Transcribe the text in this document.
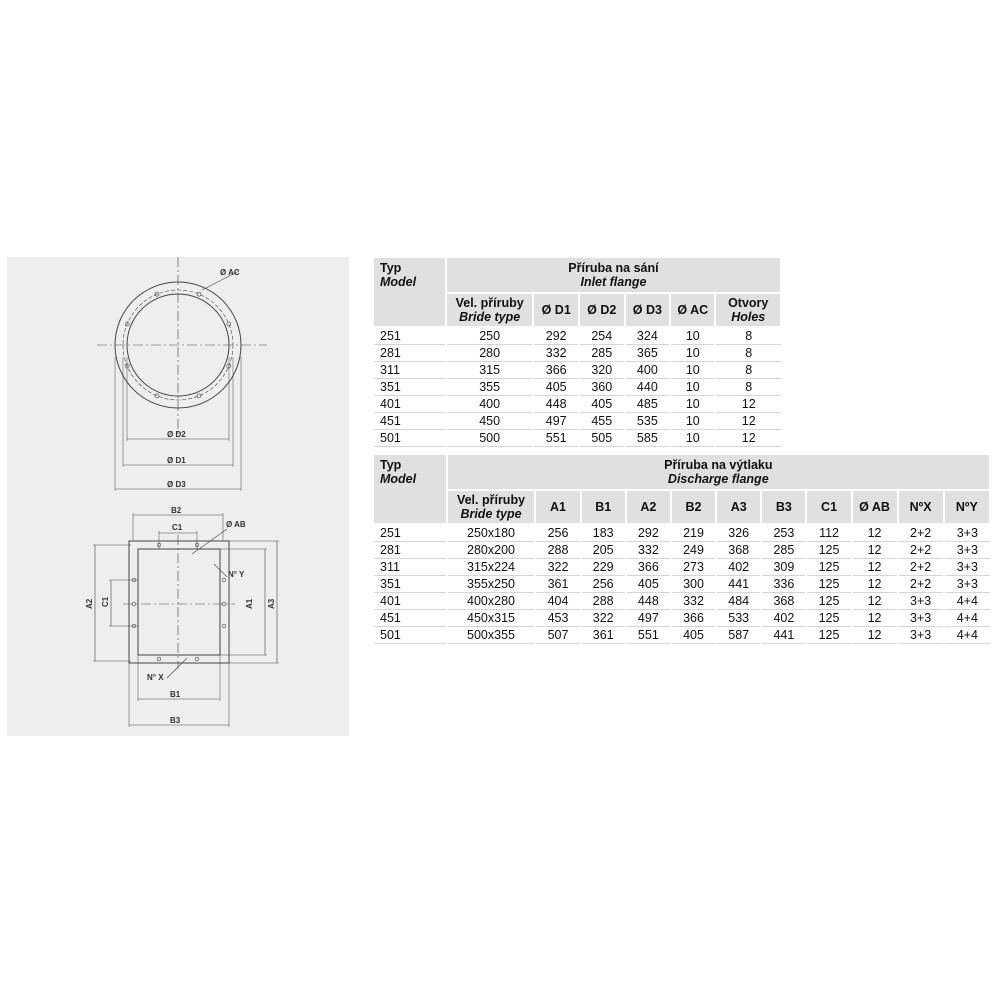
Ø AC
Ø D2
Ø D1
Ø D3
B2
C1	Ø AB
N° Y
C1
A2	A1 A3
N° X
B1
B3
Typ
Model	Příruba na sání
Inlet flange					

	Vel. příruby
Bride type	Ø D1	Ø D2	Ø D3	Ø AC	Otvory
Holes

251	250	292	254	324	10	8
281	280	332	285	365	10	8
311	315	366	320	400	10	8
351	355	405	360	440	10	8
401	400	448	405	485	10	12
451	450	497	455	535	10	12
501	500	551	505	585	10	12
Typ
Model	Příruba na výtlaku
Discharge flange										

	Vel. příruby
Bride type	A1	B1	A2	B2	A3	B3	C1	Ø AB	NºX	NºY

251	250x180	256	183	292	219	326	253	112	12	2+2	3+3
281	280x200	288	205	332	249	368	285	125	12	2+2	3+3
311	315x224	322	229	366	273	402	309	125	12	2+2	3+3
351	355x250	361	256	405	300	441	336	125	12	2+2	3+3
401	400x280	404	288	448	332	484	368	125	12	3+3	4+4
451	450x315	453	322	497	366	533	402	125	12	3+3	4+4
501	500x355	507	361	551	405	587	441	125	12	3+3	4+4
